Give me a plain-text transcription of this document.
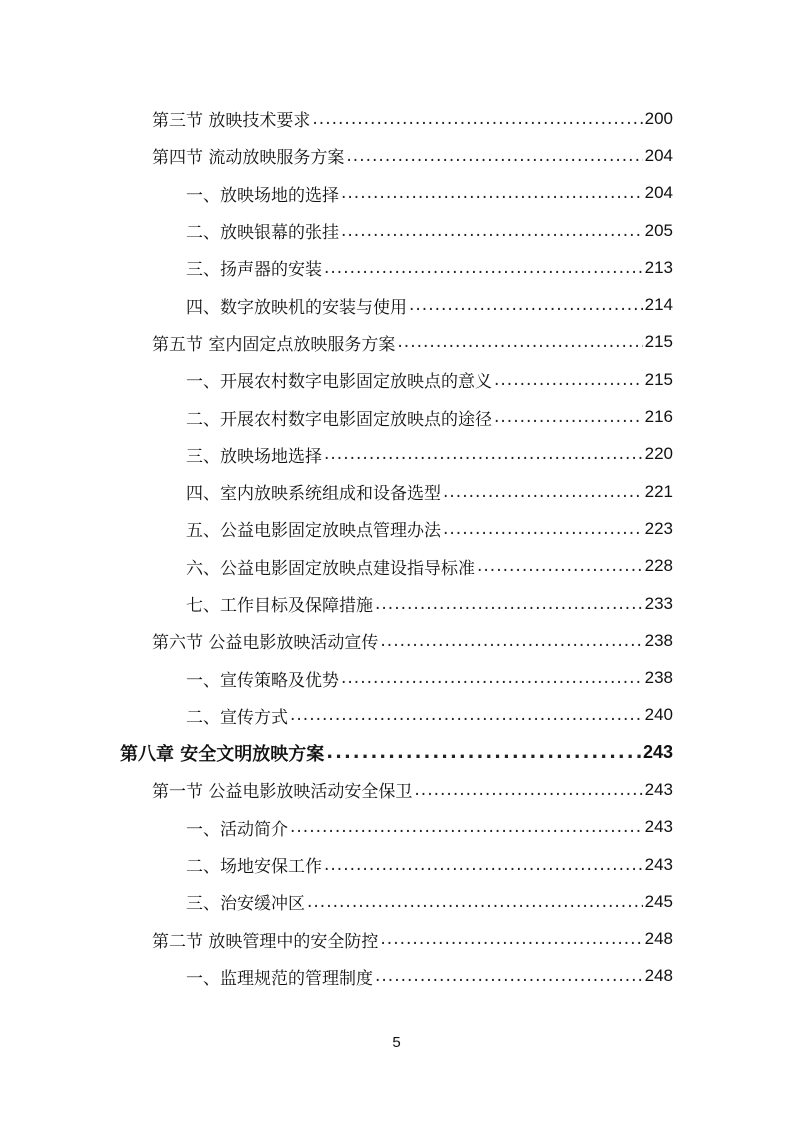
第三节 放映技术要求 .....	200
第四节 流动放映服务方案 .....	204
一、放映场地的选择 .....	204
二、放映银幕的张挂 .....	205
三、扬声器的安装 .....	213
四、数字放映机的安装与使用 .....	214
第五节 室内固定点放映服务方案 .....	215
一、开展农村数字电影固定放映点的意义 .....	215
二、开展农村数字电影固定放映点的途径 .....	216
三、放映场地选择 .....	220
四、室内放映系统组成和设备选型 .....	221
五、公益电影固定放映点管理办法 .....	223
六、公益电影固定放映点建设指导标准 .....	228
七、工作目标及保障措施 .....	233
第六节 公益电影放映活动宣传 .....	238
一、宣传策略及优势 .....	238
二、宣传方式 .....	240
第八章 安全文明放映方案 .....	243
第一节 公益电影放映活动安全保卫 .....	243
一、活动简介 .....	243
二、场地安保工作 .....	243
三、治安缓冲区 .....	245
第二节 放映管理中的安全防控 .....	248
一、监理规范的管理制度 .....	248
5
